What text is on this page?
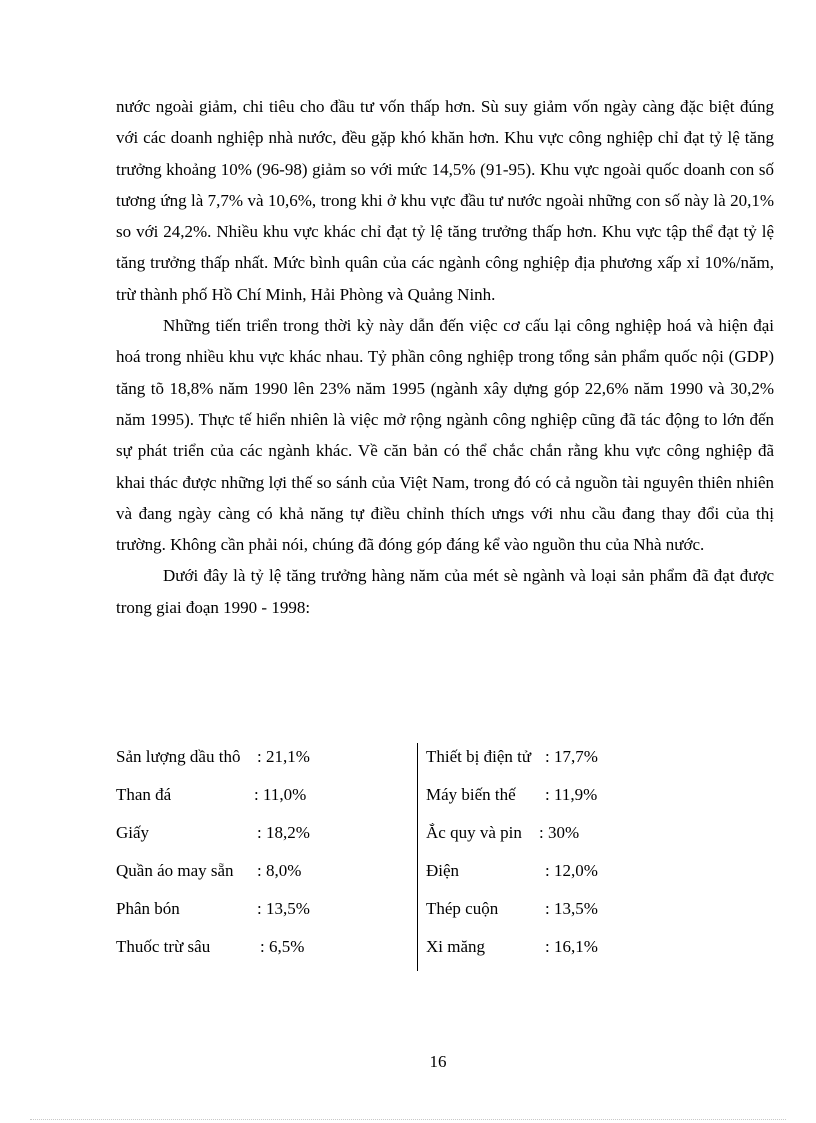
nước ngoài giảm, chi tiêu cho đầu tư vốn thấp hơn. Sù suy giảm vốn ngày càng đặc biệt đúng với các doanh nghiệp nhà nước, đều gặp khó khăn hơn. Khu vực công nghiệp chỉ đạt tỷ lệ tăng trưởng khoảng 10% (96-98) giảm so với mức 14,5% (91-95). Khu vực ngoài quốc doanh con số tương ứng là 7,7% và 10,6%, trong khi ở khu vực đầu tư nước ngoài những con số này là 20,1% so với 24,2%. Nhiều khu vực khác chỉ đạt tỷ lệ tăng trưởng thấp hơn. Khu vực tập thể đạt tỷ lệ tăng trưởng thấp nhất. Mức bình quân của các ngành công nghiệp địa phương xấp xỉ 10%/năm, trừ thành phố Hồ Chí Minh, Hải Phòng và Quảng Ninh.

Những tiến triển trong thời kỳ này dẫn đến việc cơ cấu lại công nghiệp hoá và hiện đại hoá trong nhiều khu vực khác nhau. Tỷ phần công nghiệp trong tổng sản phẩm quốc nội (GDP) tăng tõ 18,8% năm 1990 lên 23% năm 1995 (ngành xây dựng góp 22,6% năm 1990 và 30,2% năm 1995). Thực tế hiển nhiên là việc mở rộng ngành công nghiệp cũng đã tác động to lớn đến sự phát triển của các ngành khác. Về căn bản có thể chắc chắn rằng khu vực công nghiệp đã khai thác được những lợi thế so sánh của Việt Nam, trong đó có cả nguồn tài nguyên thiên nhiên và đang ngày càng có khả năng tự điều chỉnh thích ưngs với nhu cầu đang thay đổi của thị trường. Không cần phải nói, chúng đã đóng góp đáng kể vào nguồn thu của Nhà nước.

Dưới đây là tỷ lệ tăng trưởng hàng năm của mét sè ngành và loại sản phẩm đã đạt được trong giai đoạn 1990 - 1998:

Sản lượng dầu thô : 21,1%
Than đá	: 11,0%
Giấy	: 18,2%
Quần áo may sẵn : 8,0%
Phân bón	: 13,5%
Thuốc trừ sâu	: 6,5%
Thiết bị điện tử : 17,7%
Máy biến thế : 11,9%
Ắc quy và pin : 30%
Điện	: 12,0%
Thép cuộn	: 13,5%
Xi măng	: 16,1%
16
